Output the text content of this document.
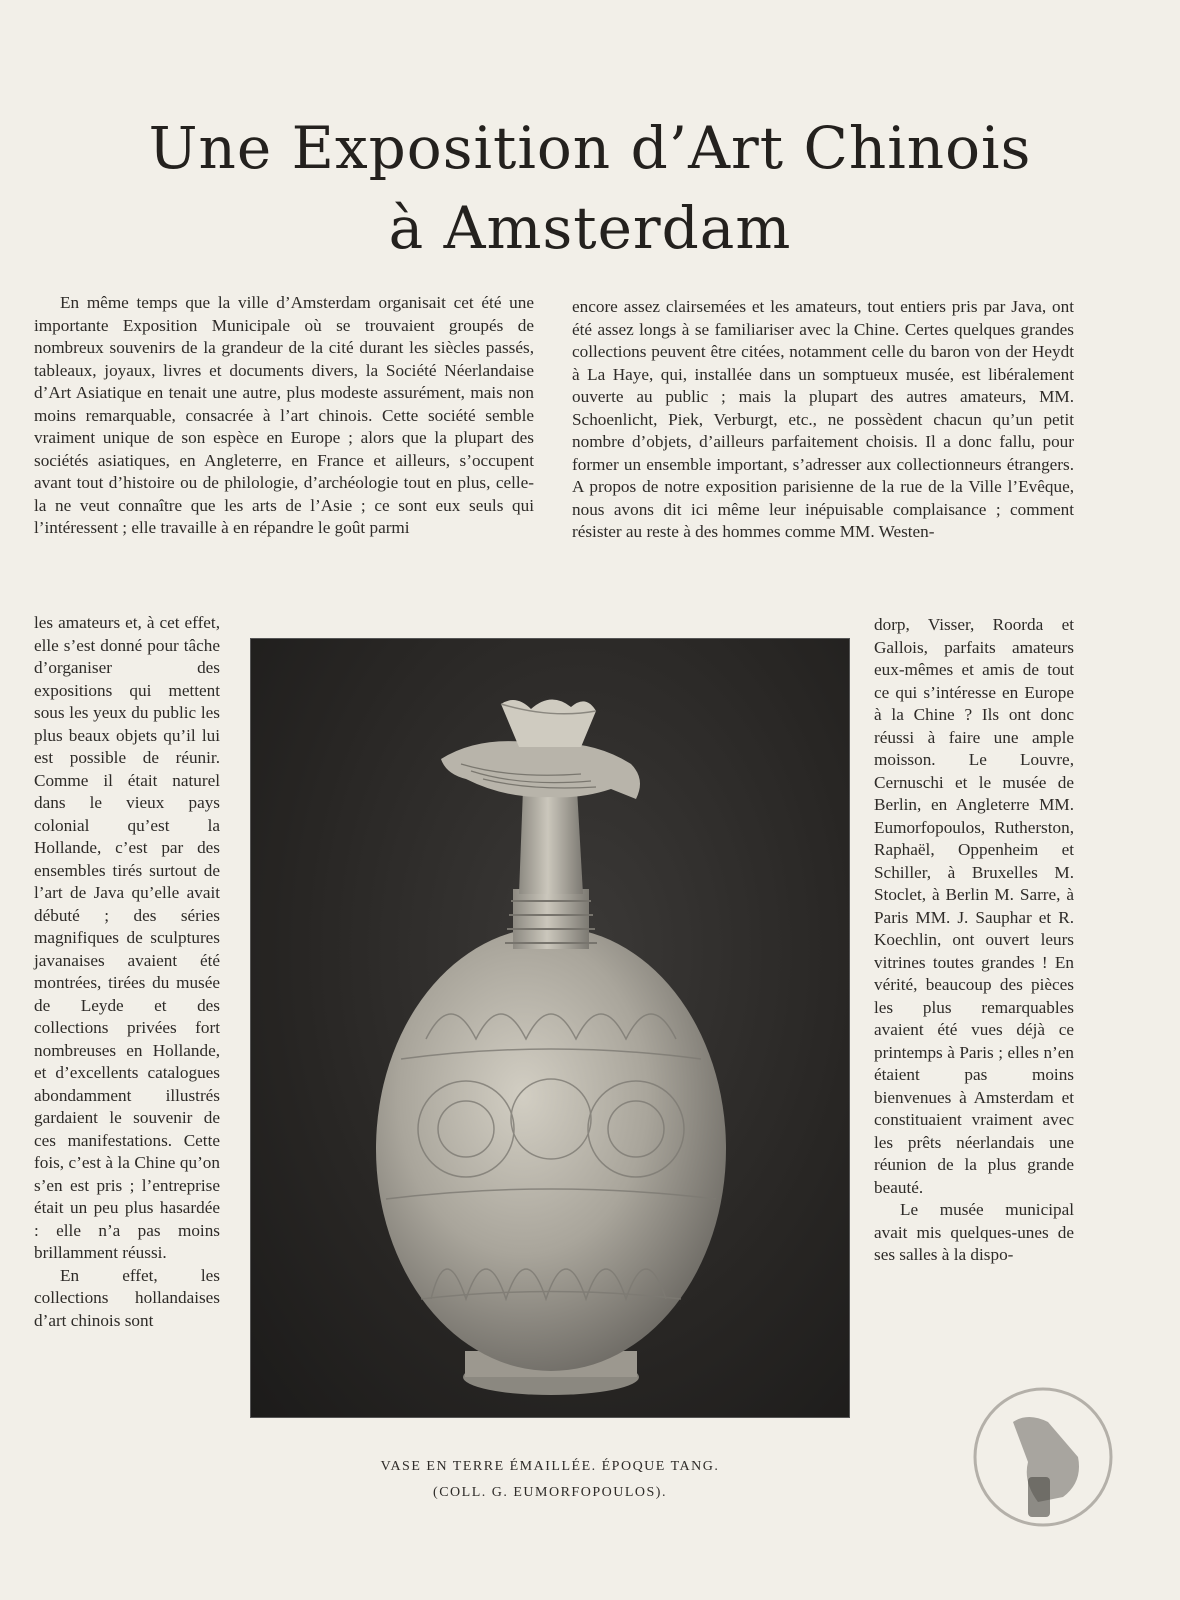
Une Exposition d’Art Chinois
à Amsterdam

En même temps que la ville d’Amsterdam organisait cet été une importante Exposition Municipale où se trouvaient groupés de nombreux souvenirs de la grandeur de la cité durant les siècles passés, tableaux, joyaux, livres et documents divers, la Société Néerlandaise d’Art Asiatique en tenait une autre, plus modeste assurément, mais non moins remarquable, consacrée à l’art chinois. Cette société semble vraiment unique de son espèce en Europe ; alors que la plupart des sociétés asiatiques, en Angleterre, en France et ailleurs, s’occupent avant tout d’histoire ou de philologie, d’archéologie tout en plus, celle-la ne veut connaître que les arts de l’Asie ; ce sont eux seuls qui l’intéressent ; elle travaille à en répandre le goût parmi

encore assez clairsemées et les amateurs, tout entiers pris par Java, ont été assez longs à se familiariser avec la Chine. Certes quelques grandes collections peuvent être citées, notamment celle du baron von der Heydt à La Haye, qui, installée dans un somptueux musée, est libéralement ouverte au public ; mais la plupart des autres amateurs, MM. Schoenlicht, Piek, Verburgt, etc., ne possèdent chacun qu’un petit nombre d’objets, d’ailleurs parfaitement choisis. Il a donc fallu, pour former un ensemble important, s’adresser aux collectionneurs étrangers. A propos de notre exposition parisienne de la rue de la Ville l’Evêque, nous avons dit ici même leur inépuisable complaisance ; comment résister au reste à des hommes comme MM. Westen-

les amateurs et, à cet effet, elle s’est donné pour tâche d’organiser des expositions qui mettent sous les yeux du public les plus beaux objets qu’il lui est possible de réunir. Comme il était naturel dans le vieux pays colonial qu’est la Hollande, c’est par des ensembles tirés surtout de l’art de Java qu’elle avait débuté ; des séries magnifiques de sculptures javanaises avaient été montrées, tirées du musée de Leyde et des collections privées fort nombreuses en Hollande, et d’excellents catalogues abondamment illustrés gardaient le souvenir de ces manifestations. Cette fois, c’est à la Chine qu’on s’en est pris ; l’entreprise était un peu plus hasardée : elle n’a pas moins brillamment réussi.

En effet, les collections hollandaises d’art chinois sont

dorp, Visser, Roorda et Gallois, parfaits amateurs eux-mêmes et amis de tout ce qui s’intéresse en Europe à la Chine ? Ils ont donc réussi à faire une ample moisson. Le Louvre, Cernuschi et le musée de Berlin, en Angleterre MM. Eumorfopoulos, Rutherston, Raphaël, Oppenheim et Schiller, à Bruxelles M. Stoclet, à Berlin M. Sarre, à Paris MM. J. Sauphar et R. Koechlin, ont ouvert leurs vitrines toutes grandes ! En vérité, beaucoup des pièces les plus remarquables avaient été vues déjà ce printemps à Paris ; elles n’en étaient pas moins bienvenues à Amsterdam et constituaient vraiment avec les prêts néerlandais une réunion de la plus grande beauté.

Le musée municipal avait mis quelques-unes de ses salles à la dispo-

VASE EN TERRE ÉMAILLÉE. ÉPOQUE TANG.
(COLL. G. EUMORFOPOULOS).
